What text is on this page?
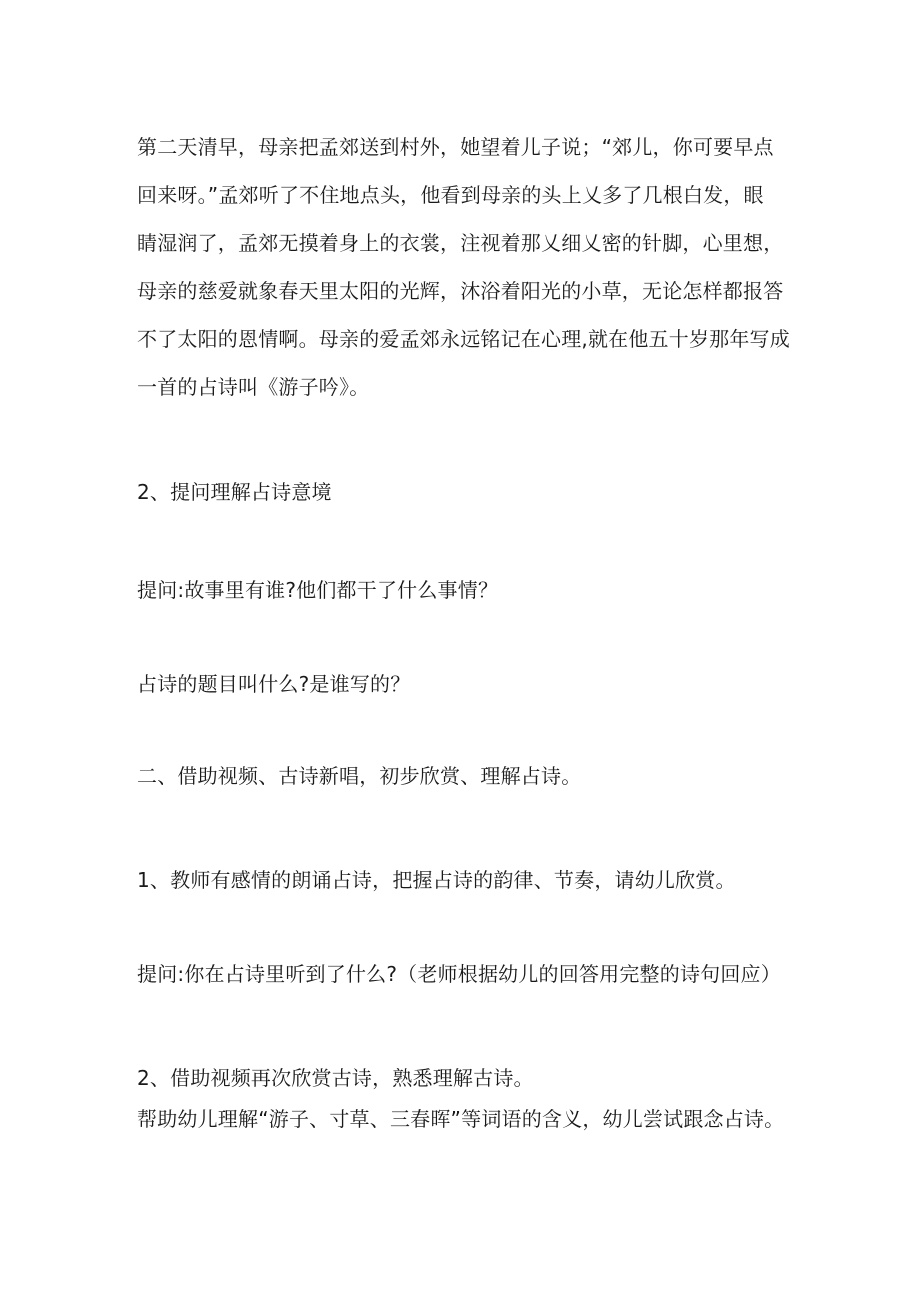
第二天清早，母亲把孟郊送到村外，她望着儿子说；“郊儿，你可要早点
回来呀。”孟郊听了不住地点头，他看到母亲的头上乂多了几根白发，眼
睛湿润了，孟郊无摸着身上的衣裳，注视着那乂细乂密的针脚，心里想，
母亲的慈爱就象春天里太阳的光辉，沐浴着阳光的小草，无论怎样都报答
不了太阳的恩情啊。母亲的爱孟郊永远铭记在心理,就在他五十岁那年写成
一首的占诗叫《游子吟》。
2、提问理解占诗意境
提问:故事里有谁?他们都干了什么事情？
占诗的题目叫什么?是谁写的？
二、借助视频、古诗新唱，初步欣赏、理解占诗。
1、教师有感情的朗诵占诗，把握占诗的韵律、节奏，请幼儿欣赏。
提问:你在占诗里听到了什么?（老师根据幼儿的回答用完整的诗句回应）
2、借助视频再次欣赏古诗，熟悉理解古诗。
帮助幼儿理解“游子、寸草、三春晖”等词语的含义，幼儿尝试跟念占诗。
